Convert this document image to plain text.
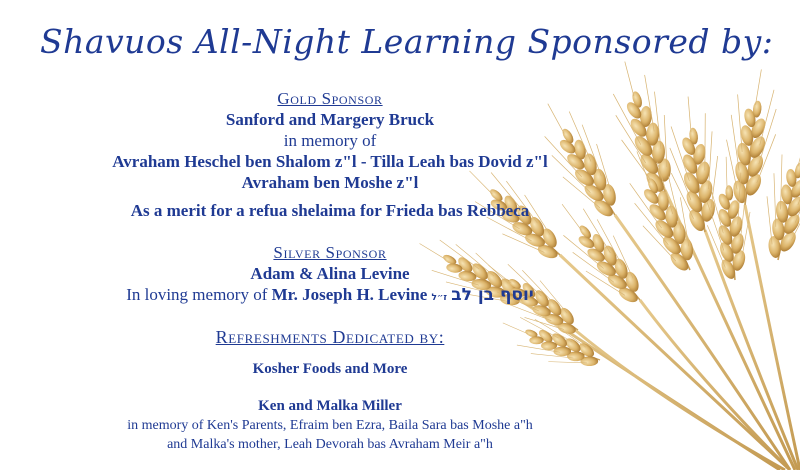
Shavuos All-Night Learning Sponsored by:
Gold Sponsor
Sanford and Margery Bruck
in memory of
Avraham Heschel ben Shalom z"l - Tilla Leah bas Dovid z"l
Avraham ben Moshe z"l
As a merit for a refua shelaima for Frieda bas Rebbeca
Silver Sponsor
Adam & Alina Levine
In loving memory of Mr. Joseph H. Levine יוסף בן לב ז״ל
Refreshments Dedicated by:
Kosher Foods and More
Ken and Malka Miller
in memory of Ken's Parents, Efraim ben Ezra, Baila Sara bas Moshe a"h
and Malka's mother, Leah Devorah bas Avraham Meir a"h
